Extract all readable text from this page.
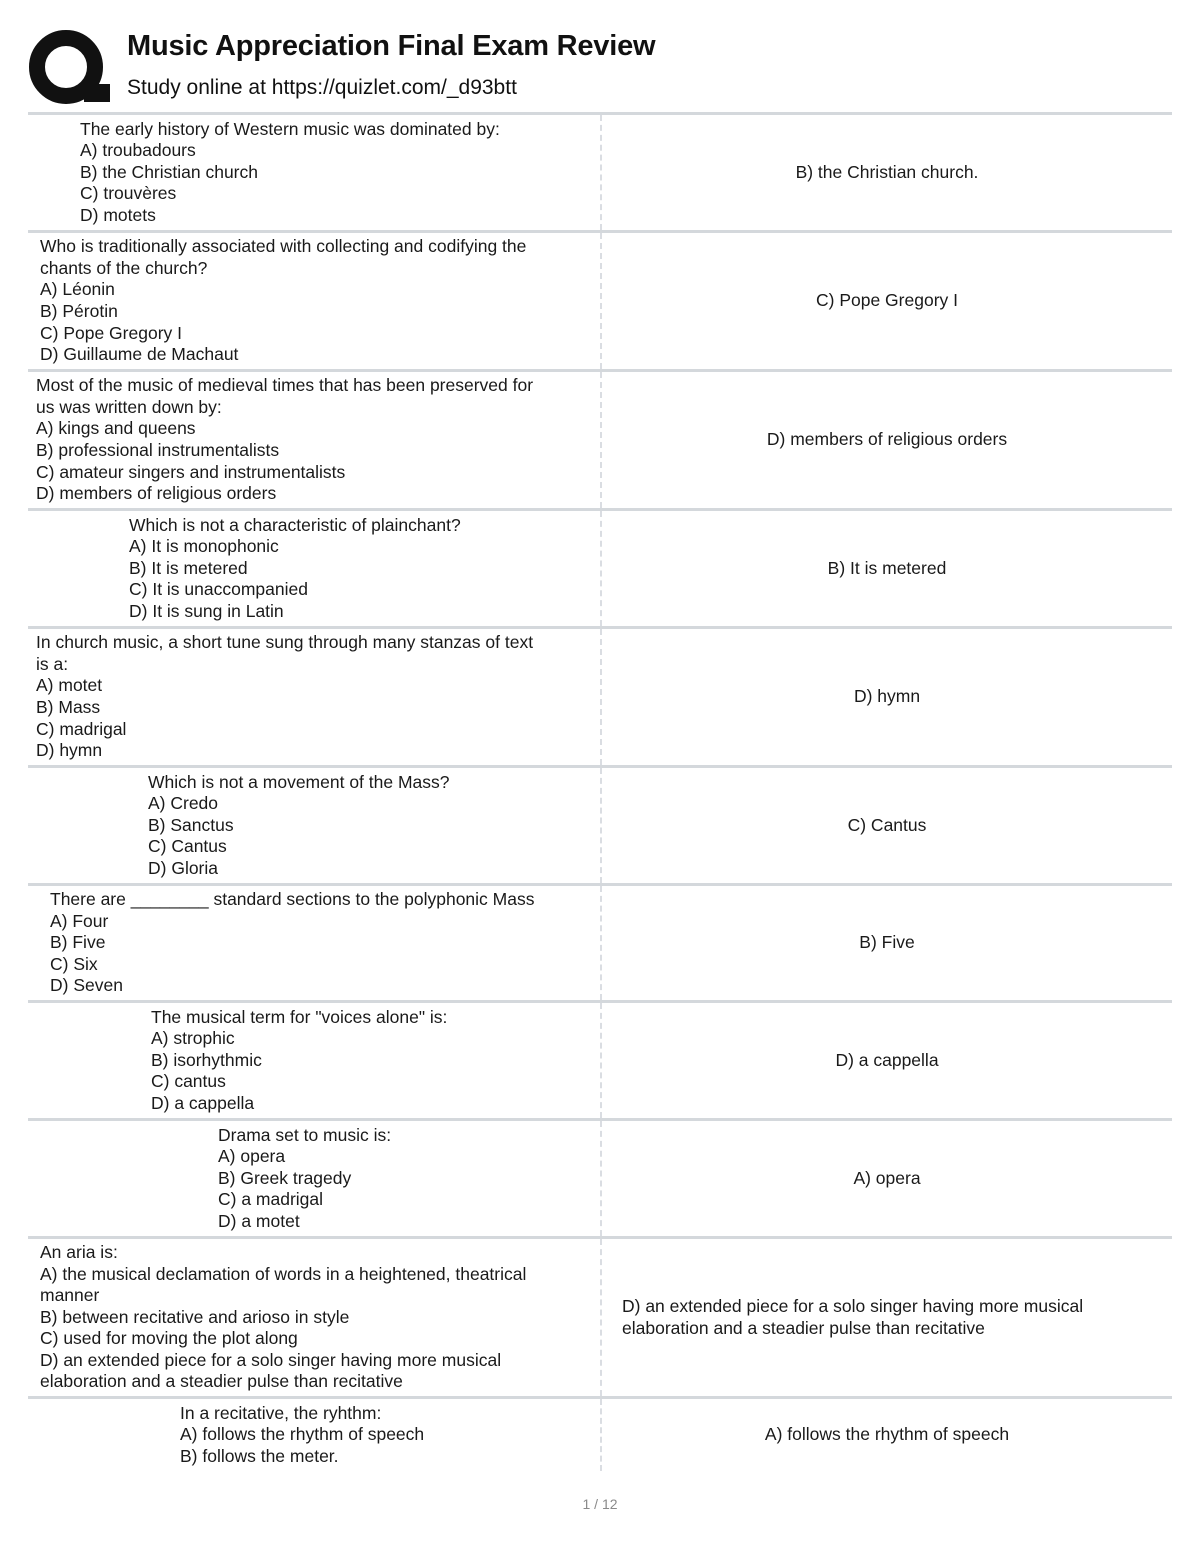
Music Appreciation Final Exam Review
Study online at https://quizlet.com/_d93btt
The early history of Western music was dominated by:
A) troubadours
B) the Christian church
C) trouvères
D) motets
B) the Christian church.
Who is traditionally associated with collecting and codifying the
chants of the church?
A) Léonin
B) Pérotin
C) Pope Gregory I
D) Guillaume de Machaut
C) Pope Gregory I
Most of the music of medieval times that has been preserved for
us was written down by:
A) kings and queens
B) professional instrumentalists
C) amateur singers and instrumentalists
D) members of religious orders
D) members of religious orders
Which is not a characteristic of plainchant?
A) It is monophonic
B) It is metered
C) It is unaccompanied
D) It is sung in Latin
B) It is metered
In church music, a short tune sung through many stanzas of text
is a:
A) motet
B) Mass
C) madrigal
D) hymn
D) hymn
Which is not a movement of the Mass?
A) Credo
B) Sanctus
C) Cantus
D) Gloria
C) Cantus
There are ________ standard sections to the polyphonic Mass
A) Four
B) Five
C) Six
D) Seven
B) Five
The musical term for "voices alone" is:
A) strophic
B) isorhythmic
C) cantus
D) a cappella
D) a cappella
Drama set to music is:
A) opera
B) Greek tragedy
C) a madrigal
D) a motet
A) opera
An aria is:
A) the musical declamation of words in a heightened, theatrical
manner
B) between recitative and arioso in style
C) used for moving the plot along
D) an extended piece for a solo singer having more musical
elaboration and a steadier pulse than recitative
D) an extended piece for a solo singer having more musical elaboration and a steadier pulse than recitative
In a recitative, the ryhthm:
A) follows the rhythm of speech
B) follows the meter.
A) follows the rhythm of speech
1 / 12
